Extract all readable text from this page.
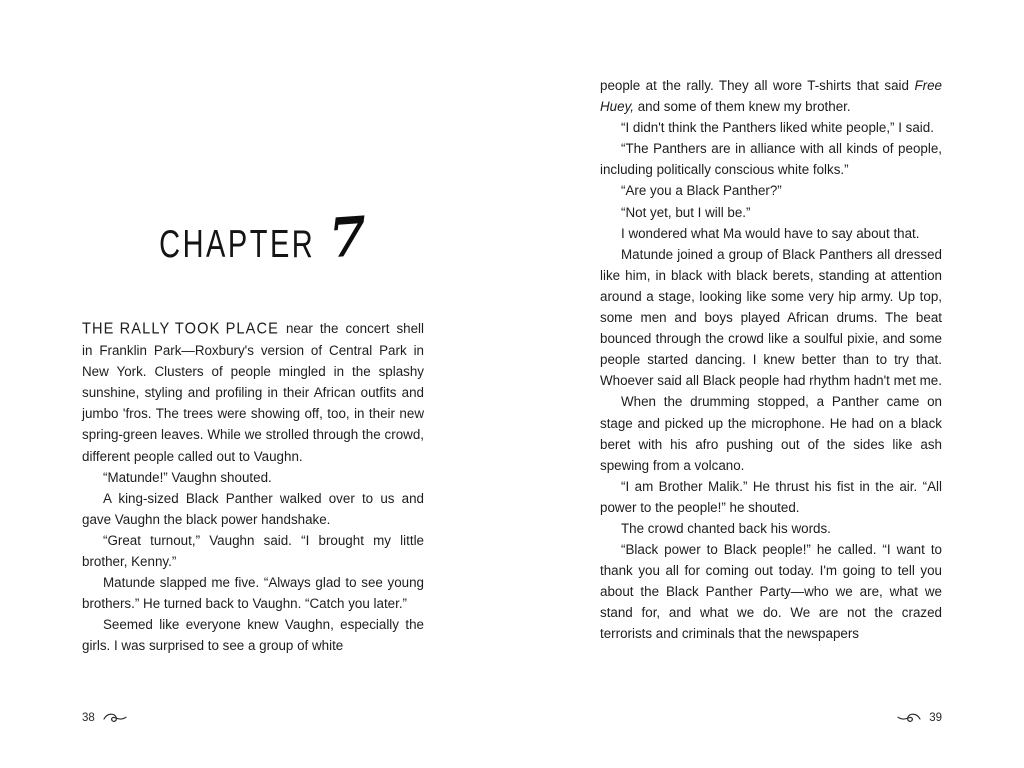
CHAPTER 7

THE RALLY TOOK PLACE near the concert shell in Franklin Park—Roxbury's version of Central Park in New York. Clusters of people mingled in the splashy sunshine, styling and profiling in their African outfits and jumbo 'fros. The trees were showing off, too, in their new spring-green leaves. While we strolled through the crowd, different people called out to Vaughn.

“Matunde!” Vaughn shouted.

A king-sized Black Panther walked over to us and gave Vaughn the black power handshake.

“Great turnout,” Vaughn said. “I brought my little brother, Kenny.”

Matunde slapped me five. “Always glad to see young brothers.” He turned back to Vaughn. “Catch you later.”

Seemed like everyone knew Vaughn, especially the girls. I was surprised to see a group of white

38

people at the rally. They all wore T-shirts that said Free Huey, and some of them knew my brother.

“I didn't think the Panthers liked white people,” I said.

“The Panthers are in alliance with all kinds of people, including politically conscious white folks.”

“Are you a Black Panther?”

“Not yet, but I will be.”

I wondered what Ma would have to say about that.

Matunde joined a group of Black Panthers all dressed like him, in black with black berets, standing at attention around a stage, looking like some very hip army. Up top, some men and boys played African drums. The beat bounced through the crowd like a soulful pixie, and some people started dancing. I knew better than to try that. Whoever said all Black people had rhythm hadn't met me.

When the drumming stopped, a Panther came on stage and picked up the microphone. He had on a black beret with his afro pushing out of the sides like ash spewing from a volcano.

“I am Brother Malik.” He thrust his fist in the air. “All power to the people!” he shouted.

The crowd chanted back his words.

“Black power to Black people!” he called. “I want to thank you all for coming out today. I'm going to tell you about the Black Panther Party—who we are, what we stand for, and what we do. We are not the crazed terrorists and criminals that the newspapers

39
